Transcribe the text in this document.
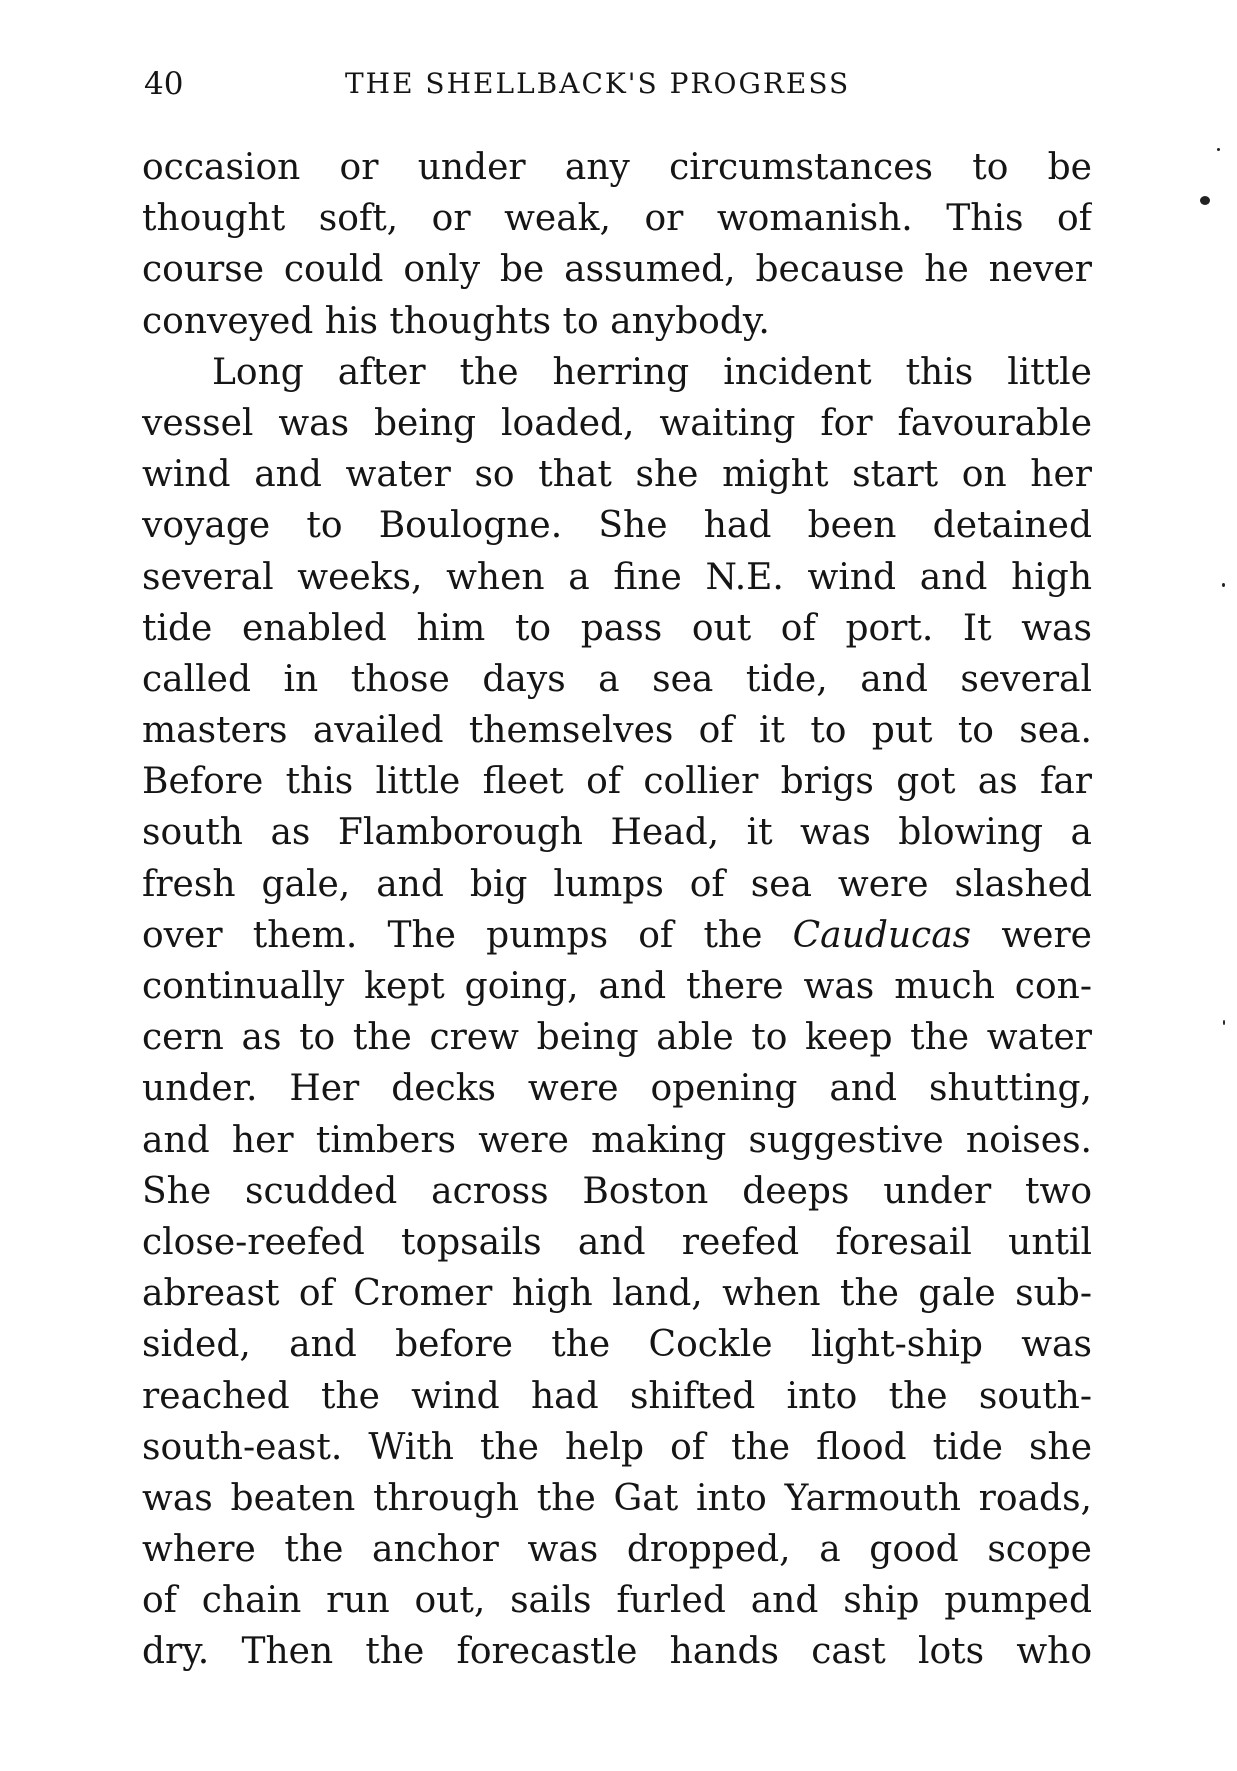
40	THE SHELLBACK'S PROGRESS
occasion or under any circumstances to be
thought soft, or weak, or womanish. This of
course could only be assumed, because he never
conveyed his thoughts to anybody.
Long after the herring incident this little
vessel was being loaded, waiting for favourable
wind and water so that she might start on her
voyage to Boulogne. She had been detained
several weeks, when a fine N.E. wind and high
tide enabled him to pass out of port. It was
called in those days a sea tide, and several
masters availed themselves of it to put to sea.
Before this little fleet of collier brigs got as far
south as Flamborough Head, it was blowing a
fresh gale, and big lumps of sea were slashed
over them. The pumps of the Cauducas were
continually kept going, and there was much con-
cern as to the crew being able to keep the water
under. Her decks were opening and shutting,
and her timbers were making suggestive noises.
She scudded across Boston deeps under two
close-reefed topsails and reefed foresail until
abreast of Cromer high land, when the gale sub-
sided, and before the Cockle light-ship was
reached the wind had shifted into the south-
south-east. With the help of the flood tide she
was beaten through the Gat into Yarmouth roads,
where the anchor was dropped, a good scope
of chain run out, sails furled and ship pumped
dry. Then the forecastle hands cast lots who
